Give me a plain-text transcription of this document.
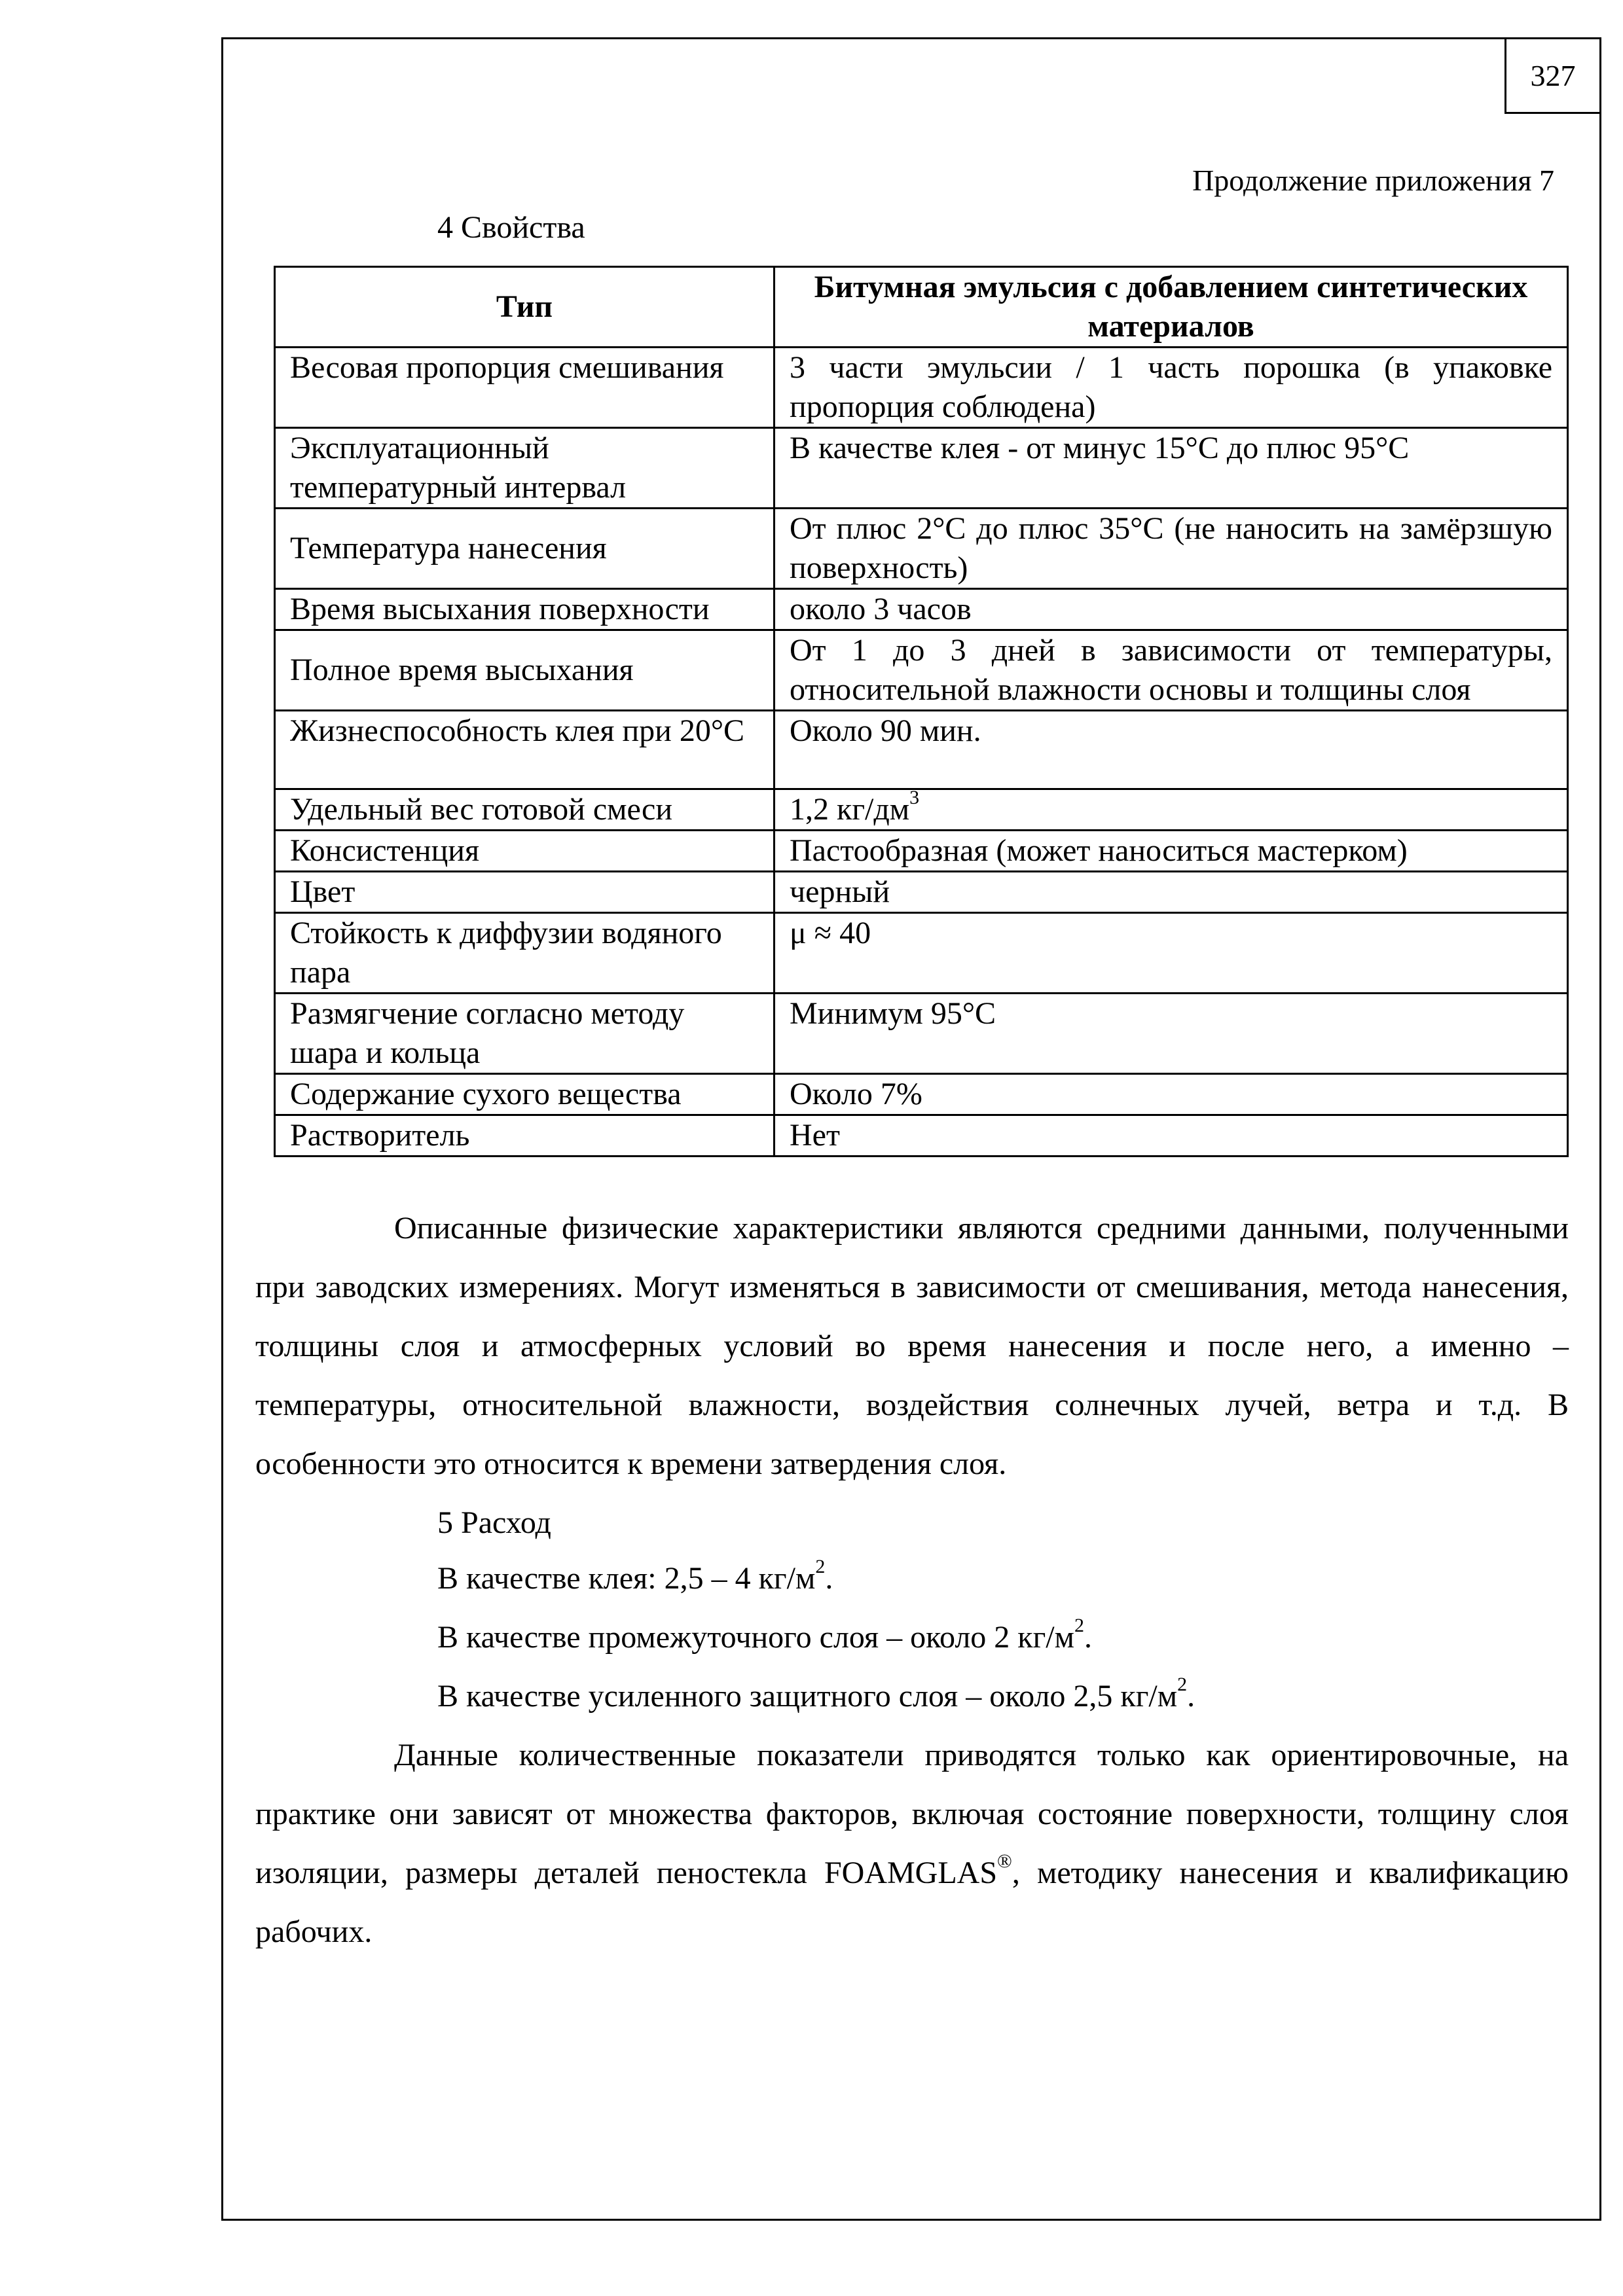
327
Продолжение приложения 7
4 Свойства
Тип	Битумная эмульсия с добавлением синтетических материалов
Весовая пропорция смешивания	3 части эмульсии / 1 часть порошка (в упаковке пропорция соблюдена)
Эксплуатационный температурный интервал	В качестве клея - от минус 15°С до плюс 95°С
Температура нанесения	От плюс 2°С до плюс 35°С (не наносить на замёрзшую поверхность)
Время высыхания поверхности	около 3 часов
Полное время высыхания	От 1 до 3 дней в зависимости от температуры, относительной влажности основы и толщины слоя
Жизнеспособность клея при 20°С	Около 90 мин.
Удельный вес готовой смеси	1,2 $кг/дм^3$
Консистенция	Пастообразная (может наноситься мастерком)
Цвет	черный
Стойкость к диффузии водяного пара	μ ≈ 40
Размягчение согласно методу шара и кольца	Минимум 95°С
Содержание сухого вещества	Около 7%
Растворитель	Нет
Описанные физические характеристики являются средними данными, полученными при заводских измерениях. Могут изменяться в зависимости от смешивания, метода нанесения, толщины слоя и атмосферных условий во время нанесения и после него, а именно – температуры, относительной влажности, воздействия солнечных лучей, ветра и т.д. В особенности это относится к времени затвердения слоя.
5 Расход
В качестве клея: 2,5 – 4 $кг/м^2$.
В качестве промежуточного слоя – около 2 $кг/м^2$.
В качестве усиленного защитного слоя – около 2,5 $кг/м^2$.
Данные количественные показатели приводятся только как ориентировочные, на практике они зависят от множества факторов, включая состояние поверхности, толщину слоя изоляции, размеры деталей пеностекла FOAMGLAS®, методику нанесения и квалификацию рабочих.
